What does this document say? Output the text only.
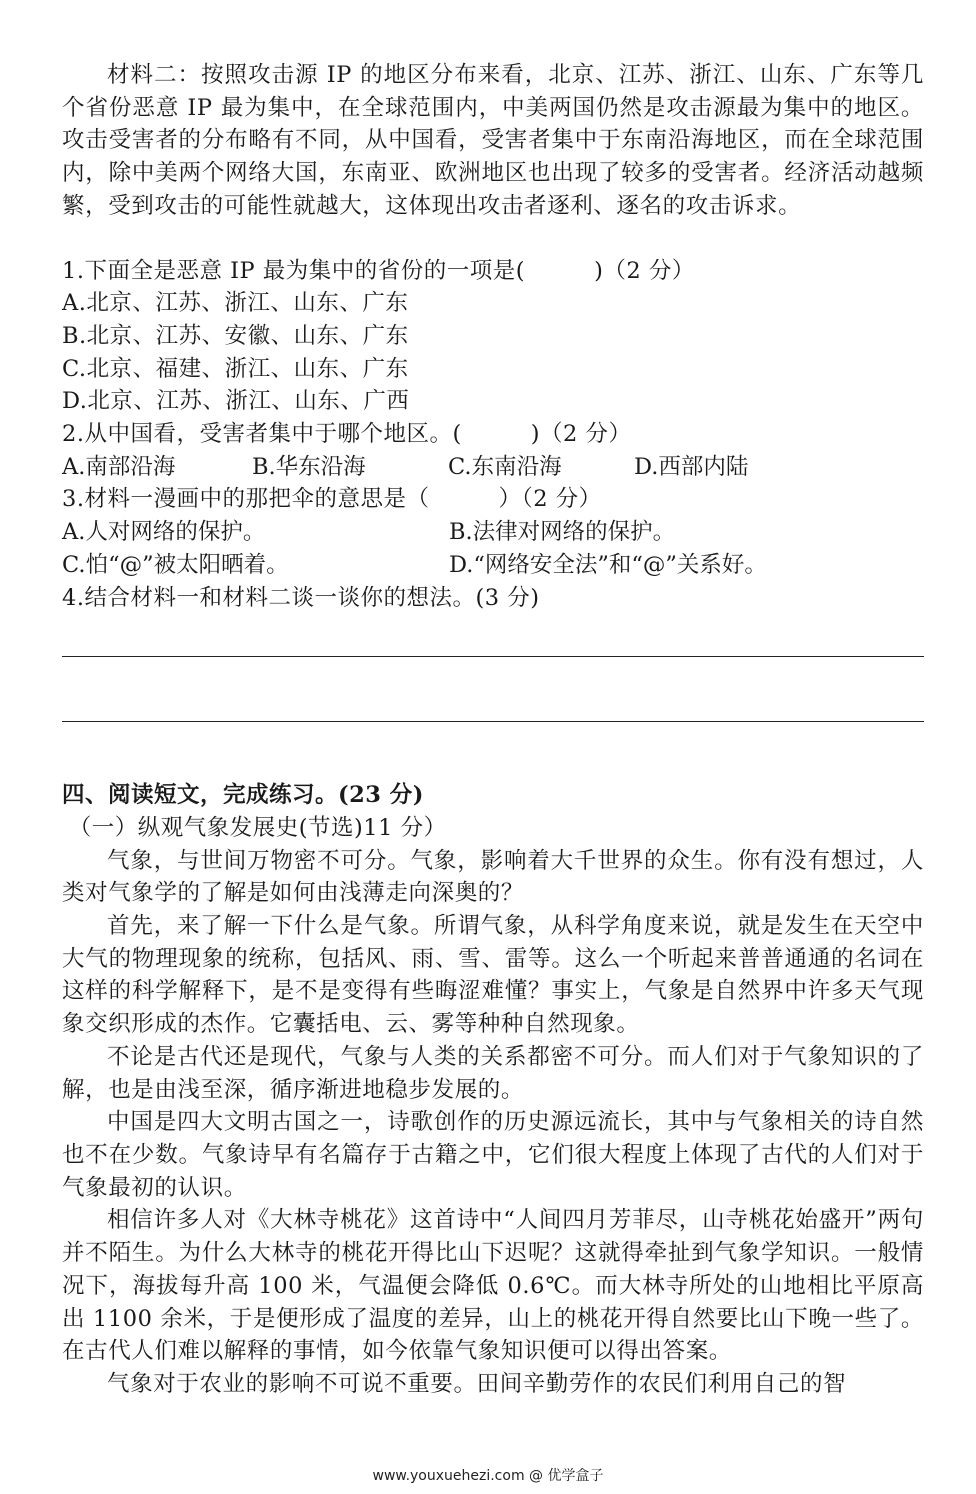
材料二：按照攻击源 IP 的地区分布来看，北京、江苏、浙江、山东、广东等几个省份恶意 IP 最为集中，在全球范围内，中美两国仍然是攻击源最为集中的地区。攻击受害者的分布略有不同，从中国看，受害者集中于东南沿海地区，而在全球范围内，除中美两个网络大国，东南亚、欧洲地区也出现了较多的受害者。经济活动越频繁，受到攻击的可能性就越大，这体现出攻击者逐利、逐名的攻击诉求。

1.下面全是恶意 IP 最为集中的省份的一项是(　　　)（2 分）

A.北京、江苏、浙江、山东、广东

B.北京、江苏、安徽、山东、广东

C.北京、福建、浙江、山东、广东

D.北京、江苏、浙江、山东、广西

2.从中国看，受害者集中于哪个地区。(　　　)（2 分）

A.南部沿海	B.华东沿海	C.东南沿海	D.西部内陆

3.材料一漫画中的那把伞的意思是（　　　）（2 分）

A.人对网络的保护。	B.法律对网络的保护。
C.怕“@”被太阳晒着。	D.“网络安全法”和“@”关系好。

4.结合材料一和材料二谈一谈你的想法。(3 分)

四、阅读短文，完成练习。(23 分)

（一）纵观气象发展史(节选)11 分）

气象，与世间万物密不可分。气象，影响着大千世界的众生。你有没有想过，人类对气象学的了解是如何由浅薄走向深奥的？

首先，来了解一下什么是气象。所谓气象，从科学角度来说，就是发生在天空中大气的物理现象的统称，包括风、雨、雪、雷等。这么一个听起来普普通通的名词在这样的科学解释下，是不是变得有些晦涩难懂？事实上，气象是自然界中许多天气现象交织形成的杰作。它囊括电、云、雾等种种自然现象。

不论是古代还是现代，气象与人类的关系都密不可分。而人们对于气象知识的了解，也是由浅至深，循序渐进地稳步发展的。

中国是四大文明古国之一，诗歌创作的历史源远流长，其中与气象相关的诗自然也不在少数。气象诗早有名篇存于古籍之中，它们很大程度上体现了古代的人们对于气象最初的认识。

相信许多人对《大林寺桃花》这首诗中“人间四月芳菲尽，山寺桃花始盛开”两句并不陌生。为什么大林寺的桃花开得比山下迟呢？这就得牵扯到气象学知识。一般情况下，海拔每升高 100 米，气温便会降低 0.6℃。而大林寺所处的山地相比平原高出 1100 余米，于是便形成了温度的差异，山上的桃花开得自然要比山下晚一些了。在古代人们难以解释的事情，如今依靠气象知识便可以得出答案。

气象对于农业的影响不可说不重要。田间辛勤劳作的农民们利用自己的智

www.youxuehezi.com @ 优学盒子
